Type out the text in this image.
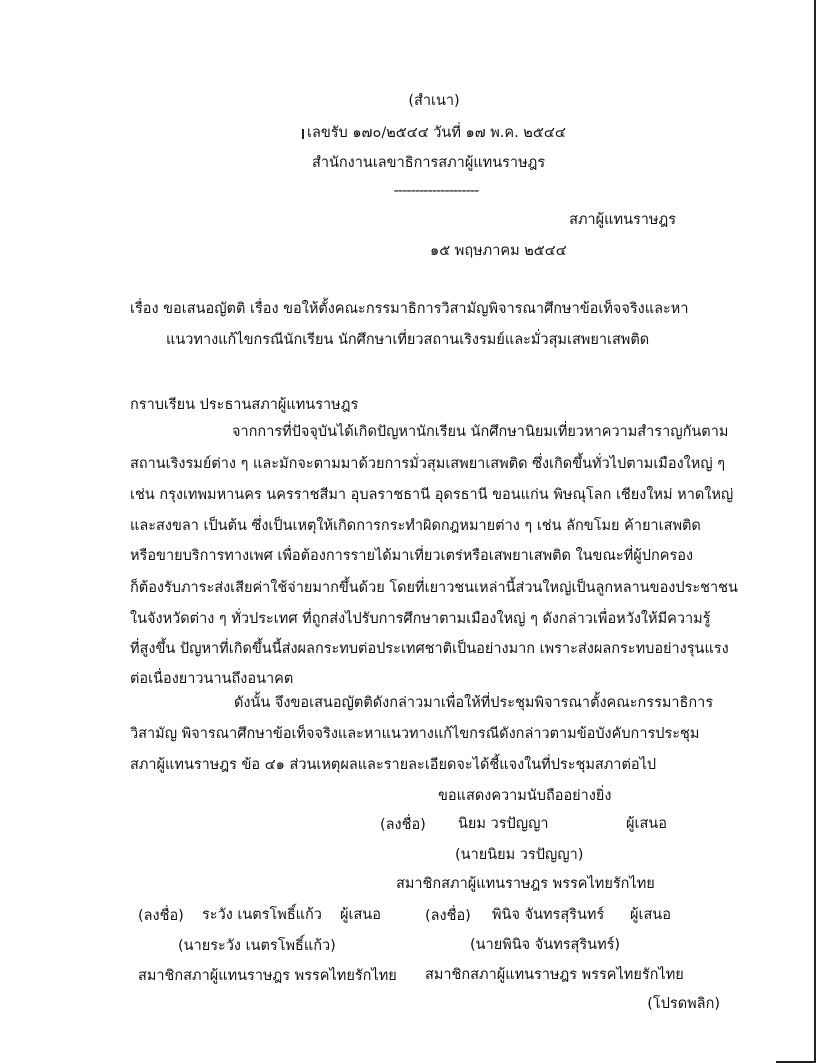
(สำเนา)
เลขรับ ๑๗๐/๒๕๔๔ วันที่ ๑๗ พ.ค. ๒๕๔๔
สำนักงานเลขาธิการสภาผู้แทนราษฎร
--------------------
สภาผู้แทนราษฎร
๑๕ พฤษภาคม ๒๕๔๔
เรื่อง ขอเสนอญัตติ เรื่อง ขอให้ตั้งคณะกรรมาธิการวิสามัญพิจารณาศึกษาข้อเท็จจริงและหา
แนวทางแก้ไขกรณีนักเรียน นักศึกษาเที่ยวสถานเริงรมย์และมั่วสุมเสพยาเสพติด
กราบเรียน ประธานสภาผู้แทนราษฎร
จากการที่ปัจจุบันได้เกิดปัญหานักเรียน นักศึกษานิยมเที่ยวหาความสำราญกันตาม
สถานเริงรมย์ต่าง ๆ และมักจะตามมาด้วยการมั่วสุมเสพยาเสพติด ซึ่งเกิดขึ้นทั่วไปตามเมืองใหญ่ ๆ
เช่น กรุงเทพมหานคร นครราชสีมา อุบลราชธานี อุดรธานี ขอนแก่น พิษณุโลก เชียงใหม่ หาดใหญ่
และสงขลา เป็นต้น ซึ่งเป็นเหตุให้เกิดการกระทำผิดกฎหมายต่าง ๆ เช่น ลักขโมย ค้ายาเสพติด
หรือขายบริการทางเพศ เพื่อต้องการรายได้มาเที่ยวเตร่หรือเสพยาเสพติด ในขณะที่ผู้ปกครอง
ก็ต้องรับภาระส่งเสียค่าใช้จ่ายมากขึ้นด้วย โดยที่เยาวชนเหล่านี้ส่วนใหญ่เป็นลูกหลานของประชาชน
ในจังหวัดต่าง ๆ ทั่วประเทศ ที่ถูกส่งไปรับการศึกษาตามเมืองใหญ่ ๆ ดังกล่าวเพื่อหวังให้มีความรู้
ที่สูงขึ้น ปัญหาที่เกิดขึ้นนี้ส่งผลกระทบต่อประเทศชาติเป็นอย่างมาก เพราะส่งผลกระทบอย่างรุนแรง
ต่อเนื่องยาวนานถึงอนาคต
ดังนั้น จึงขอเสนอญัตติดังกล่าวมาเพื่อให้ที่ประชุมพิจารณาตั้งคณะกรรมาธิการ
วิสามัญ พิจารณาศึกษาข้อเท็จจริงและหาแนวทางแก้ไขกรณีดังกล่าวตามข้อบังคับการประชุม
สภาผู้แทนราษฎร ข้อ ๔๑ ส่วนเหตุผลและรายละเอียดจะได้ชี้แจงในที่ประชุมสภาต่อไป
ขอแสดงความนับถืออย่างยิ่ง
(ลงชื่อ) นิยม วรปัญญา	ผู้เสนอ
(นายนิยม วรปัญญา)
สมาชิกสภาผู้แทนราษฎร พรรคไทยรักไทย
(ลงชื่อ) ระวัง เนตรโพธิ์แก้ว ผู้เสนอ	(ลงชื่อ) พินิจ จันทรสุรินทร์ ผู้เสนอ
(นายระวัง เนตรโพธิ์แก้ว)	(นายพินิจ จันทรสุรินทร์)
สมาชิกสภาผู้แทนราษฎร พรรคไทยรักไทย สมาชิกสภาผู้แทนราษฎร พรรคไทยรักไทย
(โปรดพลิก)
